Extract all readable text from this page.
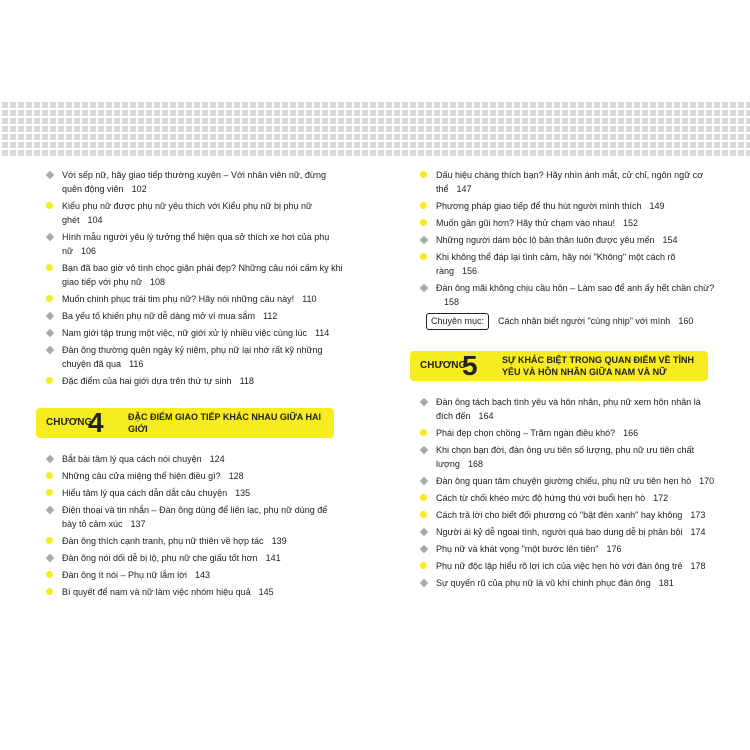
Với sếp nữ, hãy giao tiếp thường xuyên – Với nhân viên nữ, đừng quên động viên 102
Kiểu phụ nữ được phụ nữ yêu thích với Kiểu phụ nữ bị phụ nữ ghét 104
Hình mẫu người yêu lý tưởng thể hiện qua sở thích xe hơi của phụ nữ 106
Bạn đã bao giờ vô tình chọc giận phái đẹp? Những câu nói cấm kỵ khi giao tiếp với phụ nữ 108
Muốn chinh phục trái tim phụ nữ? Hãy nói những câu này! 110
Ba yếu tố khiến phụ nữ dễ dàng mở ví mua sắm 112
Nam giới tập trung một việc, nữ giới xử lý nhiều việc cùng lúc 114
Đàn ông thường quên ngày kỷ niệm, phụ nữ lại nhớ rất kỹ những chuyện đã qua 116
Đặc điểm của hai giới dựa trên thứ tự sinh 118
CHƯƠNG
4	ĐẶC ĐIỂM GIAO TIẾP KHÁC NHAU GIỮA HAI GIỚI
Bắt bài tâm lý qua cách nói chuyện 124
Những câu cửa miệng thể hiện điều gì? 128
Hiểu tâm lý qua cách dẫn dắt câu chuyện 135
Điện thoại và tin nhắn – Đàn ông dùng để liên lạc, phụ nữ dùng để bày tỏ cảm xúc 137
Đàn ông thích cạnh tranh, phụ nữ thiên về hợp tác 139
Đàn ông nói dối dễ bị lộ, phụ nữ che giấu tốt hơn 141
Đàn ông ít nói – Phụ nữ lắm lời 143
Bí quyết để nam và nữ làm việc nhóm hiệu quả 145
Dấu hiệu chàng thích bạn? Hãy nhìn ánh mắt, cử chỉ, ngôn ngữ cơ thể 147
Phương pháp giao tiếp để thu hút người mình thích 149
Muốn gần gũi hơn? Hãy thử chạm vào nhau! 152
Những người dám bộc lộ bản thân luôn được yêu mến 154
Khi không thể đáp lại tình cảm, hãy nói "Không" một cách rõ ràng 156
Đàn ông mãi không chịu cầu hôn – Làm sao để anh ấy hết chần chừ?158
Chuyên mục:	Cách nhận biết người "cùng nhịp" với mình 160
CHƯƠNG
5	SỰ KHÁC BIỆT TRONG QUAN ĐIỂM VỀ TÌNH YÊU VÀ HÔN NHÂN GIỮA NAM VÀ NỮ
Đàn ông tách bạch tình yêu và hôn nhân, phụ nữ xem hôn nhân là đích đến 164
Phái đẹp chọn chồng – Trăm ngàn điều khó? 166
Khi chọn bạn đời, đàn ông ưu tiên số lượng, phụ nữ ưu tiên chất lượng 168
Đàn ông quan tâm chuyện giường chiếu, phụ nữ ưu tiên hẹn hò 170
Cách từ chối khéo mức độ hứng thú với buổi hẹn hò 172
Cách trả lời cho biết đối phương có "bật đèn xanh" hay không 173
Người ái kỷ dễ ngoại tình, người quá bao dung dễ bị phản bội 174
Phụ nữ và khát vọng "một bước lên tiên" 176
Phụ nữ độc lập hiểu rõ lợi ích của việc hẹn hò với đàn ông trẻ 178
Sự quyến rũ của phụ nữ là vũ khí chinh phục đàn ông 181
